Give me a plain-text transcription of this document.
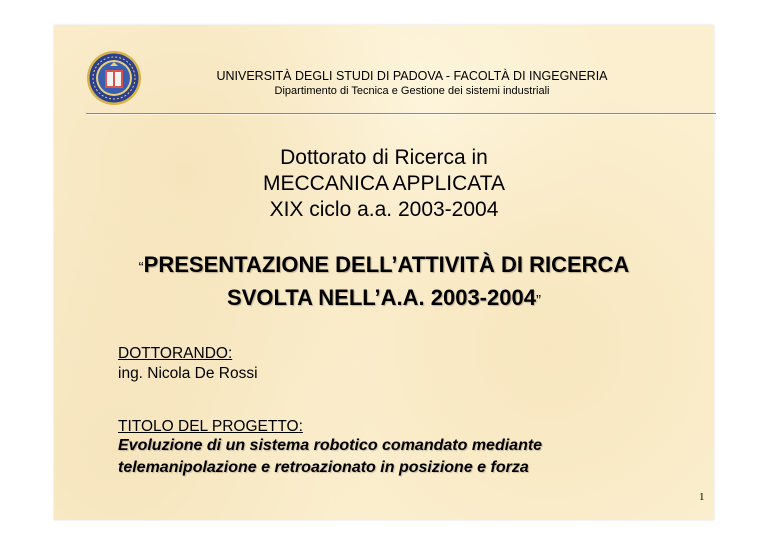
UNIVERSITÀ DEGLI STUDI DI PADOVA - FACOLTÀ DI INGEGNERIA
Dipartimento di Tecnica e Gestione dei sistemi industriali
Dottorato di Ricerca in
MECCANICA APPLICATA
XIX ciclo a.a. 2003-2004
“PRESENTAZIONE DELL’ATTIVITÀ DI RICERCA
SVOLTA NELL’A.A. 2003-2004”
DOTTORANDO:
ing. Nicola De Rossi
TITOLO DEL PROGETTO:
Evoluzione di un sistema robotico comandato mediante
telemanipolazione e retroazionato in posizione e forza
1
